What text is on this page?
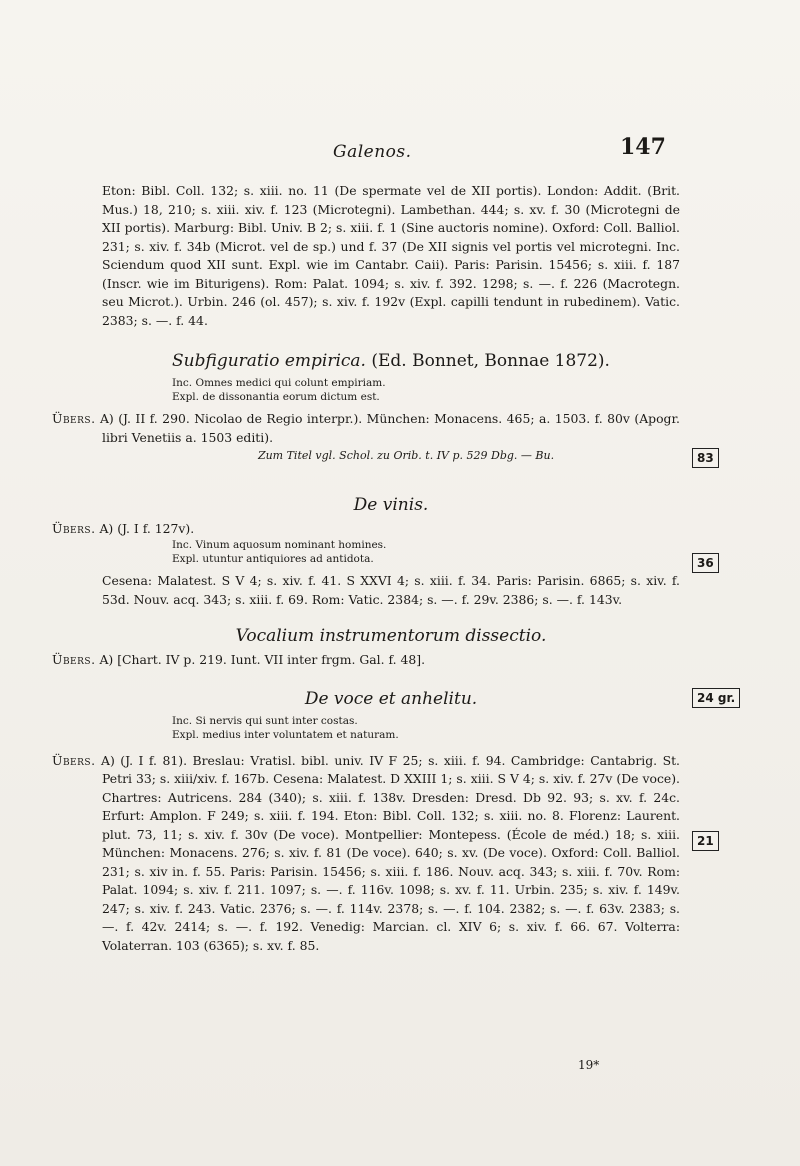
Galenos.	147

Eton: Bibl. Coll. 132; s. xiii. no. 11 (De spermate vel de XII portis). London: Addit. (Brit. Mus.) 18, 210; s. xiii. xiv. f. 123 (Microtegni). Lambethan. 444; s. xv. f. 30 (Microtegni de XII portis). Marburg: Bibl. Univ. B 2; s. xiii. f. 1 (Sine auctoris nomine). Oxford: Coll. Balliol. 231; s. xiv. f. 34b (Microt. vel de sp.) und f. 37 (De XII signis vel portis vel microtegni. Inc. Sciendum quod XII sunt. Expl. wie im Cantabr. Caii). Paris: Parisin. 15456; s. xiii. f. 187 (Inscr. wie im Biturigens). Rom: Palat. 1094; s. xiv. f. 392. 1298; s. —. f. 226 (Macrotegn. seu Microt.). Urbin. 246 (ol. 457); s. xiv. f. 192v (Expl. capilli tendunt in rubedinem). Vatic. 2383; s. —. f. 44.

Subfiguratio empirica. (Ed. Bonnet, Bonnae 1872).
Inc. Omnes medici qui colunt empiriam.
Expl. de dissonantia eorum dictum est.

Übers. A) (J. II f. 290. Nicolao de Regio interpr.). München: Monacens. 465; a. 1503. f. 80v (Apogr. libri Venetiis a. 1503 editi).

Zum Titel vgl. Schol. zu Orib. t. IV p. 529 Dbg. — Bu.
De vinis.

Übers. A) (J. I f. 127v).

Inc. Vinum aquosum nominant homines.
Expl. utuntur antiquiores ad antidota.

Cesena: Malatest. S V 4; s. xiv. f. 41. S XXVI 4; s. xiii. f. 34. Paris: Parisin. 6865; s. xiv. f. 53d. Nouv. acq. 343; s. xiii. f. 69. Rom: Vatic. 2384; s. —. f. 29v. 2386; s. —. f. 143v.

Vocalium instrumentorum dissectio.

Übers. A) [Chart. IV p. 219. Iunt. VII inter frgm. Gal. f. 48].

De voce et anhelitu.
Inc. Si nervis qui sunt inter costas.
Expl. medius inter voluntatem et naturam.

Übers. A) (J. I f. 81). Breslau: Vratisl. bibl. univ. IV F 25; s. xiii. f. 94. Cambridge: Cantabrig. St. Petri 33; s. xiii/xiv. f. 167b. Cesena: Malatest. D XXIII 1; s. xiii. S V 4; s. xiv. f. 27v (De voce). Chartres: Autricens. 284 (340); s. xiii. f. 138v. Dresden: Dresd. Db 92. 93; s. xv. f. 24c. Erfurt: Amplon. F 249; s. xiii. f. 194. Eton: Bibl. Coll. 132; s. xiii. no. 8. Florenz: Laurent. plut. 73, 11; s. xiv. f. 30v (De voce). Montpellier: Montepess. (École de méd.) 18; s. xiii. München: Monacens. 276; s. xiv. f. 81 (De voce). 640; s. xv. (De voce). Oxford: Coll. Balliol. 231; s. xiv in. f. 55. Paris: Parisin. 15456; s. xiii. f. 186. Nouv. acq. 343; s. xiii. f. 70v. Rom: Palat. 1094; s. xiv. f. 211. 1097; s. —. f. 116v. 1098; s. xv. f. 11. Urbin. 235; s. xiv. f. 149v. 247; s. xiv. f. 243. Vatic. 2376; s. —. f. 114v. 2378; s. —. f. 104. 2382; s. —. f. 63v. 2383; s. —. f. 42v. 2414; s. —. f. 192. Venedig: Marcian. cl. XIV 6; s. xiv. f. 66. 67. Volterra: Volaterran. 103 (6365); s. xv. f. 85.

83
36
24 gr.
21
19*
